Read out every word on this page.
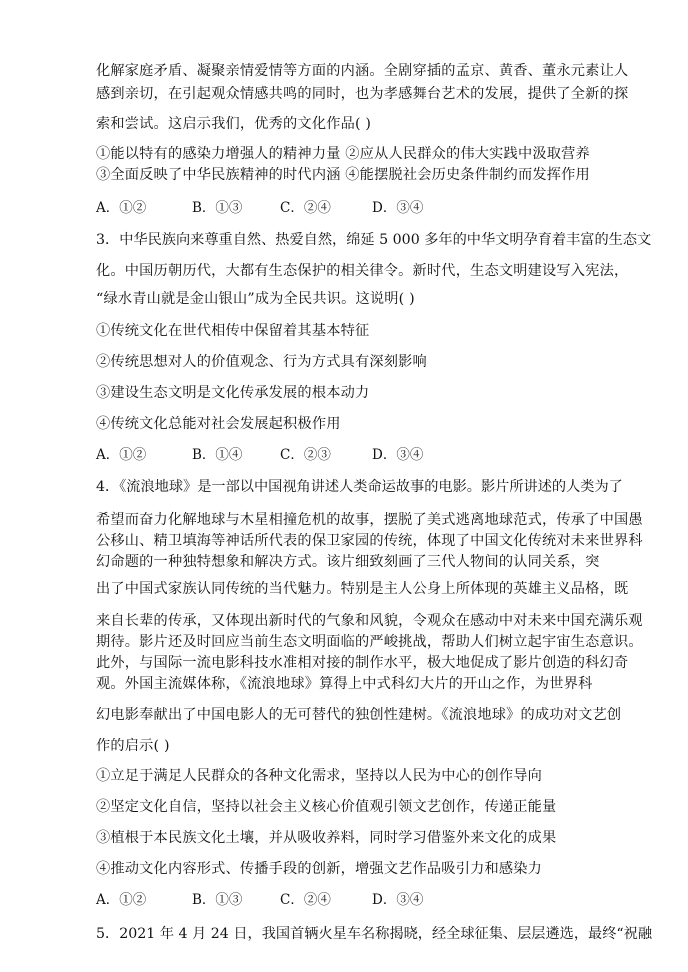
化解家庭矛盾、凝聚亲情爱情等方面的内涵。全剧穿插的孟京、黄香、董永元素让人
感到亲切，在引起观众情感共鸣的同时，也为孝感舞台艺术的发展，提供了全新的探
索和尝试。这启示我们，优秀的文化作品( )
①能以特有的感染力增强人的精神力量 ②应从人民群众的伟大实践中汲取营养
③全面反映了中华民族精神的时代内涵 ④能摆脱社会历史条件制约而发挥作用
A．①②	B．①③	C．②④	D．③④
3．中华民族向来尊重自然、热爱自然，绵延 5 000 多年的中华文明孕育着丰富的生态文
化。中国历朝历代，大都有生态保护的相关律令。新时代，生态文明建设写入宪法，
“绿水青山就是金山银山”成为全民共识。这说明( )
①传统文化在世代相传中保留着其基本特征
②传统思想对人的价值观念、行为方式具有深刻影响
③建设生态文明是文化传承发展的根本动力
④传统文化总能对社会发展起积极作用
A．①②	B．①④	C．②③	D．③④
4．《流浪地球》是一部以中国视角讲述人类命运故事的电影。影片所讲述的人类为了
希望而奋力化解地球与木星相撞危机的故事，摆脱了美式逃离地球范式，传承了中国愚
公移山、精卫填海等神话所代表的保卫家园的传统，体现了中国文化传统对未来世界科
幻命题的一种独特想象和解决方式。该片细致刻画了三代人物间的认同关系，突
出了中国式家族认同传统的当代魅力。特别是主人公身上所体现的英雄主义品格，既
来自长辈的传承，又体现出新时代的气象和风貌，令观众在感动中对未来中国充满乐观
期待。影片还及时回应当前生态文明面临的严峻挑战，帮助人们树立起宇宙生态意识。
此外，与国际一流电影科技水准相对接的制作水平，极大地促成了影片创造的科幻奇
观。外国主流媒体称，《流浪地球》算得上中式科幻大片的开山之作，为世界科
幻电影奉献出了中国电影人的无可替代的独创性建树。《流浪地球》的成功对文艺创
作的启示( )
①立足于满足人民群众的各种文化需求，坚持以人民为中心的创作导向
②坚定文化自信，坚持以社会主义核心价值观引领文艺创作，传递正能量
③植根于本民族文化土壤，并从吸收养料，同时学习借鉴外来文化的成果
④推动文化内容形式、传播手段的创新，增强文艺作品吸引力和感染力
A．①②	B．①③	C．②④	D．③④
5．2021 年 4 月 24 日，我国首辆火星车名称揭晓，经全球征集、层层遴选，最终“祝融
